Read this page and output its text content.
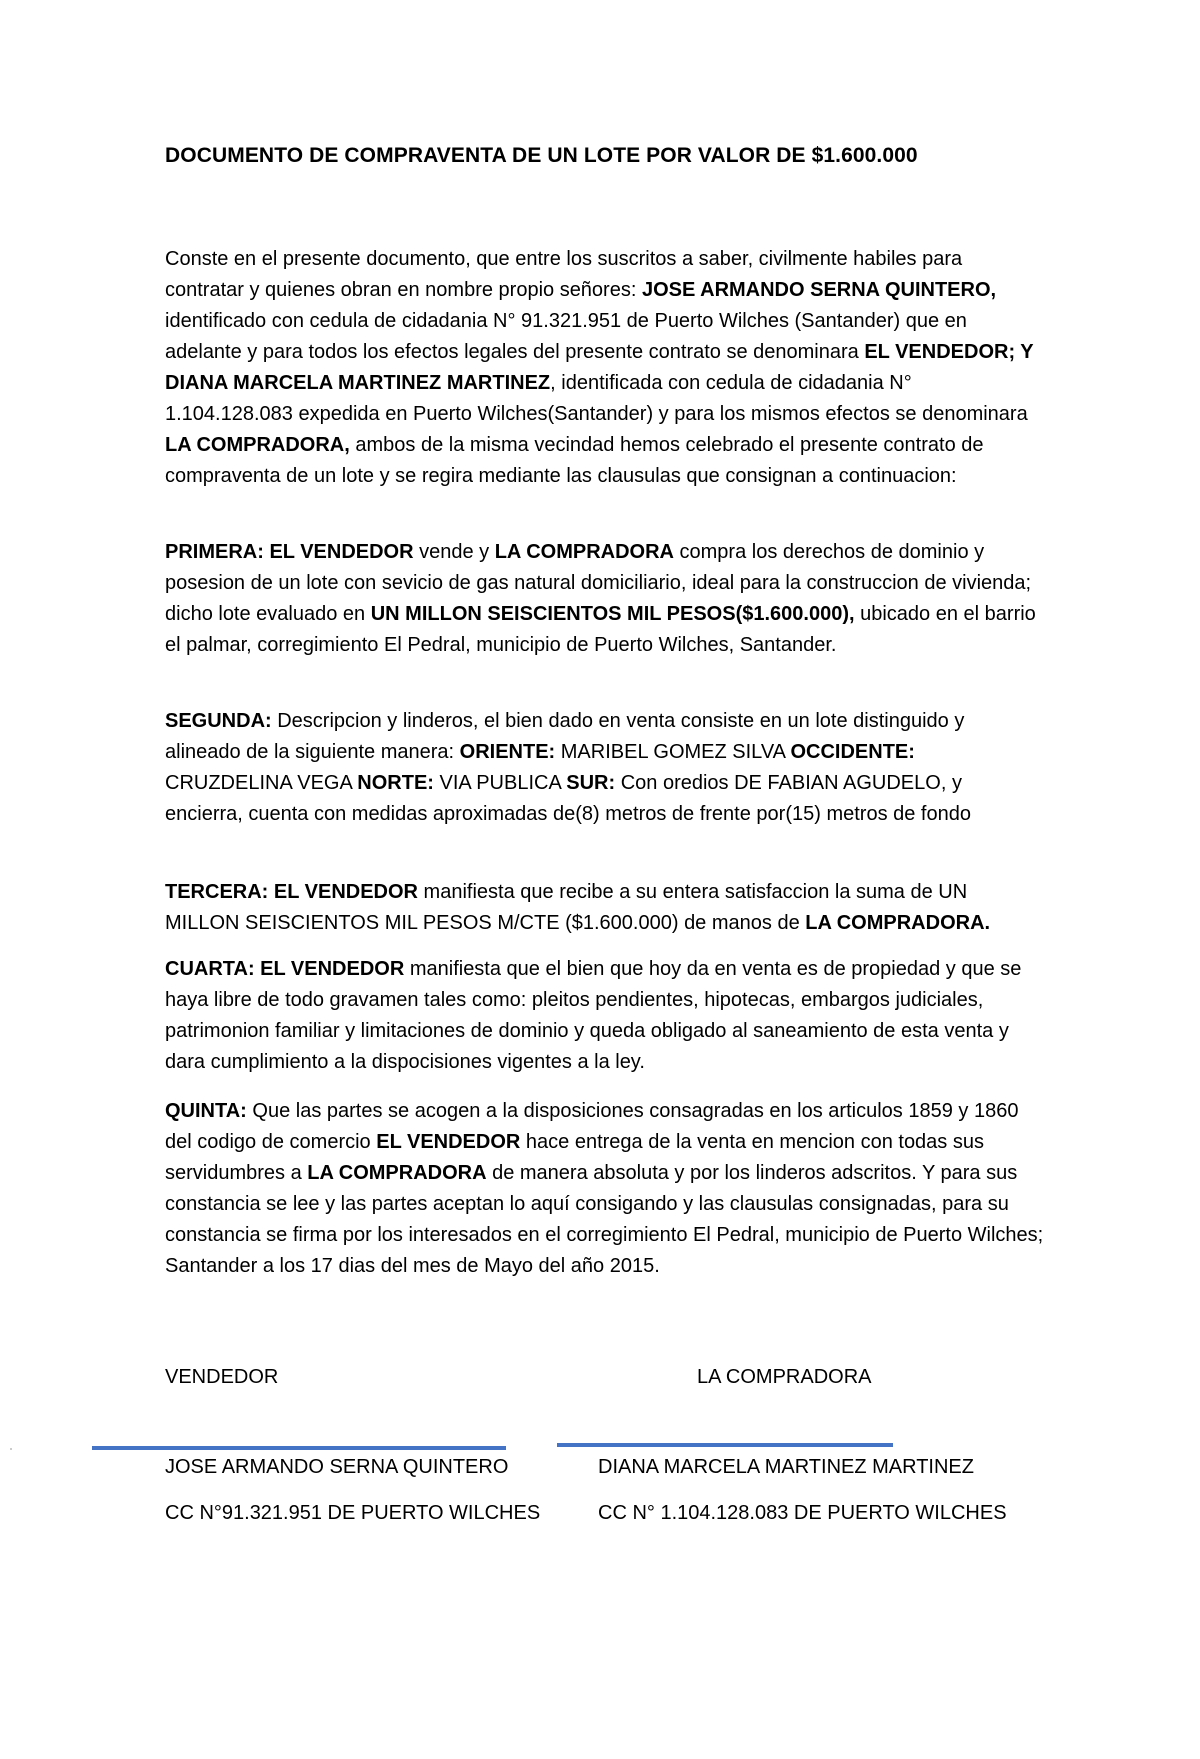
DOCUMENTO DE COMPRAVENTA DE UN LOTE POR VALOR DE $1.600.000

Conste en el presente documento, que entre los suscritos a saber, civilmente habiles para contratar y quienes obran en nombre propio señores: JOSE ARMANDO SERNA QUINTERO, identificado con cedula de cidadania N° 91.321.951 de Puerto Wilches (Santander) que en adelante y para todos los efectos legales del presente contrato se denominara EL VENDEDOR; Y DIANA MARCELA MARTINEZ MARTINEZ, identificada con cedula de cidadania N° 1.104.128.083 expedida en Puerto Wilches(Santander) y para los mismos efectos se denominara LA COMPRADORA, ambos de la misma vecindad hemos celebrado el presente contrato de compraventa de un lote y se regira mediante las clausulas que consignan a continuacion:

PRIMERA: EL VENDEDOR vende y LA COMPRADORA compra los derechos de dominio y posesion de un lote con sevicio de gas natural domiciliario, ideal para la construccion de vivienda; dicho lote evaluado en UN MILLON SEISCIENTOS MIL PESOS($1.600.000), ubicado en el barrio el palmar, corregimiento El Pedral, municipio de Puerto Wilches, Santander.

SEGUNDA: Descripcion y linderos, el bien dado en venta consiste en un lote distinguido y alineado de la siguiente manera: ORIENTE: MARIBEL GOMEZ SILVA OCCIDENTE: CRUZDELINA VEGA NORTE: VIA PUBLICA SUR: Con oredios DE FABIAN AGUDELO, y encierra, cuenta con medidas aproximadas de(8) metros de frente por(15) metros de fondo

TERCERA: EL VENDEDOR manifiesta que recibe a su entera satisfaccion la suma de UN MILLON SEISCIENTOS MIL PESOS M/CTE ($1.600.000) de manos de LA COMPRADORA.

CUARTA: EL VENDEDOR manifiesta que el bien que hoy da en venta es de propiedad y que se haya libre de todo gravamen tales como: pleitos pendientes, hipotecas, embargos judiciales, patrimonion familiar y limitaciones de dominio y queda obligado al saneamiento de esta venta y dara cumplimiento a la dispocisiones vigentes a la ley.

QUINTA: Que las partes se acogen a la disposiciones consagradas en los articulos 1859 y 1860 del codigo de comercio EL VENDEDOR hace entrega de la venta en mencion con todas sus servidumbres a LA COMPRADORA de manera absoluta y por los linderos adscritos. Y para sus constancia se lee y las partes aceptan lo aquí consigando y las clausulas consignadas, para su constancia se firma por los interesados en el corregimiento El Pedral, municipio de Puerto Wilches; Santander a los 17 dias del mes de Mayo del año 2015.

VENDEDOR	LA COMPRADORA
JOSE ARMANDO SERNA QUINTERO	DIANA MARCELA MARTINEZ MARTINEZ
CC N°91.321.951 DE PUERTO WILCHES	CC N° 1.104.128.083 DE PUERTO WILCHES
